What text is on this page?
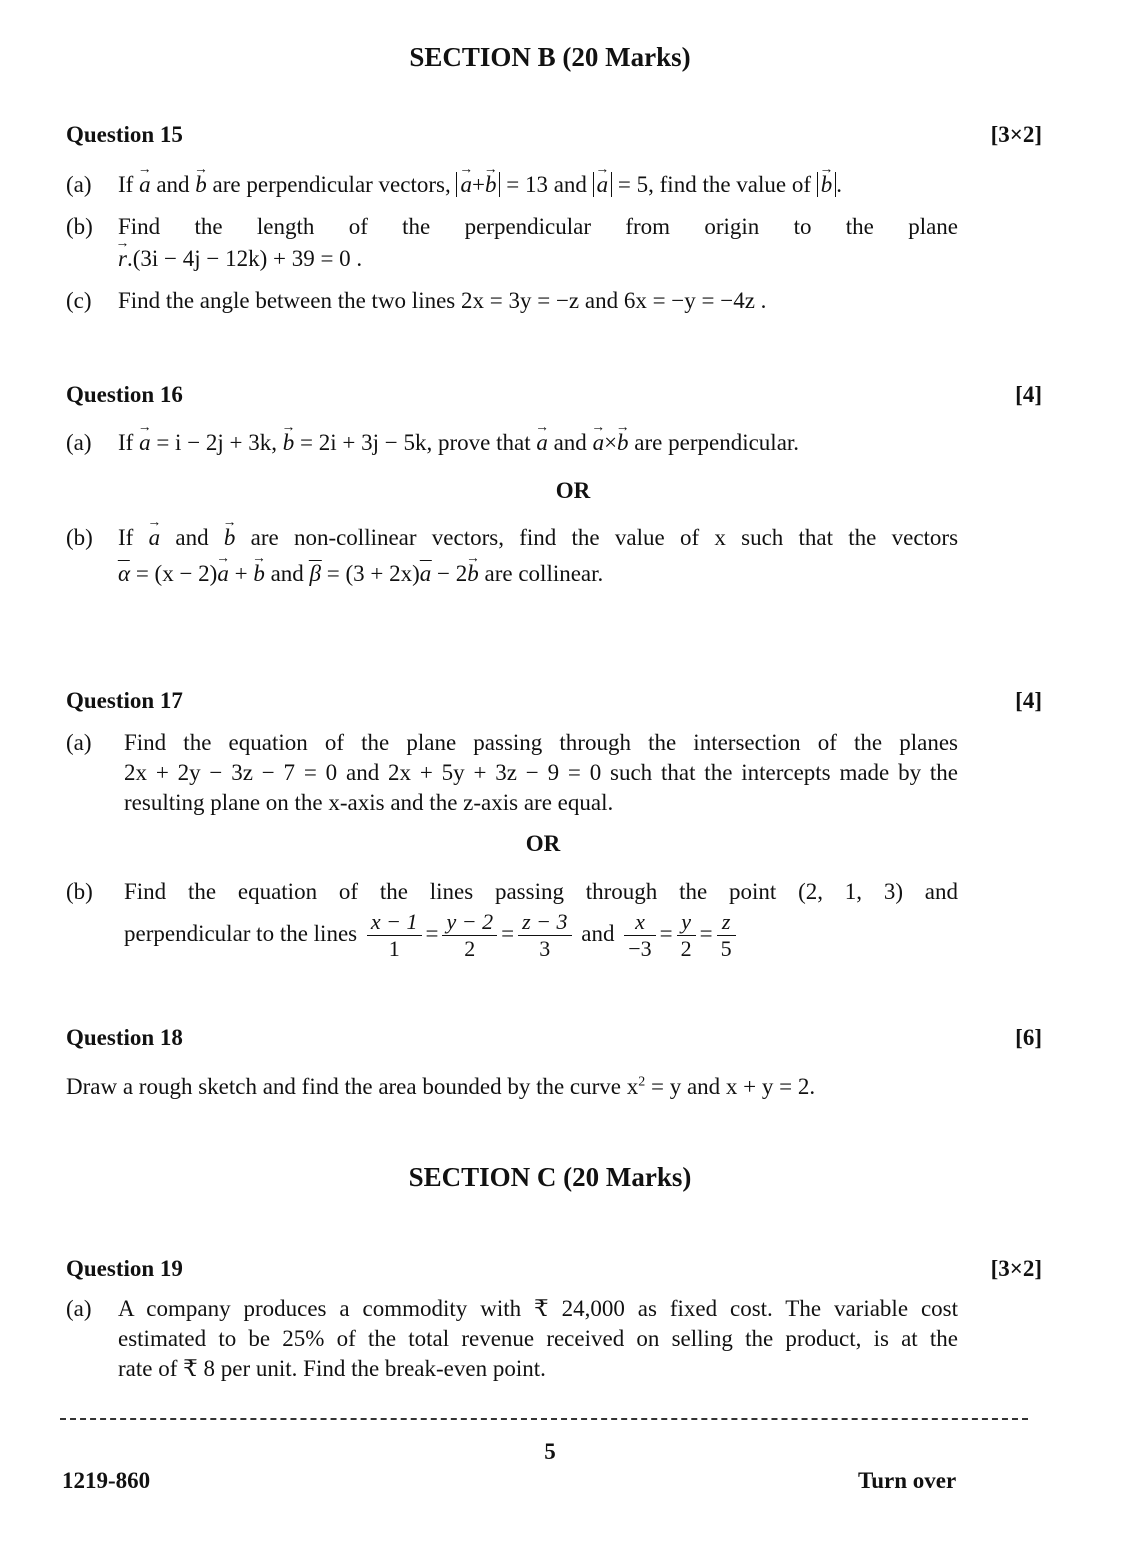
SECTION B (20 Marks)
Question 15	[3×2]
(a) If → a and → b are perpendicular vectors, → a+→ b = 13 and → a = 5, find the value of → b .
(b) Find the length of the perpendicular from origin to the plane
→ r.(3i − 4j − 12k) + 39 = 0 .
(c) Find the angle between the two lines 2x = 3y = −z and 6x = −y = −4z .
Question 16	[4]
(a) If → a = i − 2j + 3k, → b = 2i + 3j − 5k, prove that → a and → a×→ b are perpendicular.
OR
(b) If → a and → b are non-collinear vectors, find the value of x such that the vectors
α = (x − 2)→ a + → b and β = (3 + 2x)a − 2→ b are collinear.
Question 17	[4]
(a) Find the equation of the plane passing through the intersection of the planes
2x + 2y − 3z − 7 = 0 and 2x + 5y + 3z − 9 = 0 such that the intercepts made by the
resulting plane on the x-axis and the z-axis are equal.
OR
(b) Find the equation of the lines passing through the point (2, 1, 3) and
perpendicular to the lines $\frac{x - 1}{1} = \frac{y - 2}{2} = \frac{z - 3}{3}$ and $\frac{x}{-3} = \frac{y}{2} = \frac{z}{5}$
Question 18	[6]
Draw a rough sketch and find the area bounded by the curve $x^2 = y$ and x + y = 2.
SECTION C (20 Marks)
Question 19	[3×2]
(a) A company produces a commodity with ₹ 24,000 as fixed cost. The variable cost
estimated to be 25% of the total revenue received on selling the product, is at the
rate of ₹ 8 per unit. Find the break-even point.
5
1219-860	Turn over
